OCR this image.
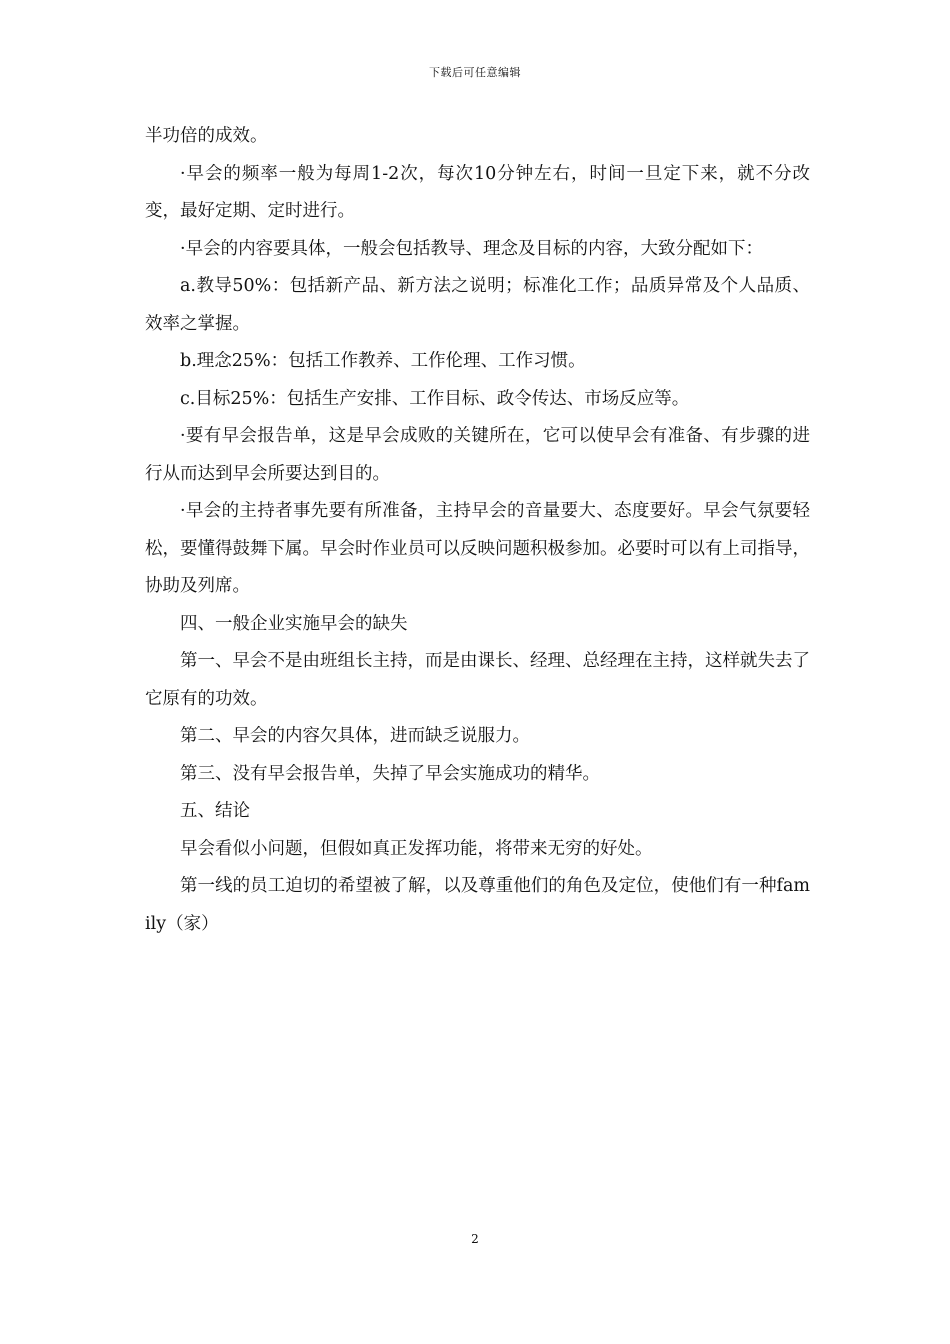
下载后可任意编辑

半功倍的成效。

·早会的频率一般为每周1-2次，每次10分钟左右，时间一旦定下来，就不分改变，最好定期、定时进行。

·早会的内容要具体，一般会包括教导、理念及目标的内容，大致分配如下：

a.教导50%：包括新产品、新方法之说明；标准化工作；品质异常及个人品质、效率之掌握。

b.理念25%：包括工作教养、工作伦理、工作习惯。

c.目标25%：包括生产安排、工作目标、政令传达、市场反应等。

·要有早会报告单，这是早会成败的关键所在，它可以使早会有准备、有步骤的进行从而达到早会所要达到目的。

·早会的主持者事先要有所准备，主持早会的音量要大、态度要好。早会气氛要轻松，要懂得鼓舞下属。早会时作业员可以反映问题积极参加。必要时可以有上司指导，协助及列席。

四、一般企业实施早会的缺失

第一、早会不是由班组长主持，而是由课长、经理、总经理在主持，这样就失去了它原有的功效。

第二、早会的内容欠具体，进而缺乏说服力。

第三、没有早会报告单，失掉了早会实施成功的精华。

五、结论

早会看似小问题，但假如真正发挥功能，将带来无穷的好处。

第一线的员工迫切的希望被了解，以及尊重他们的角色及定位，使他们有一种family（家）

2
